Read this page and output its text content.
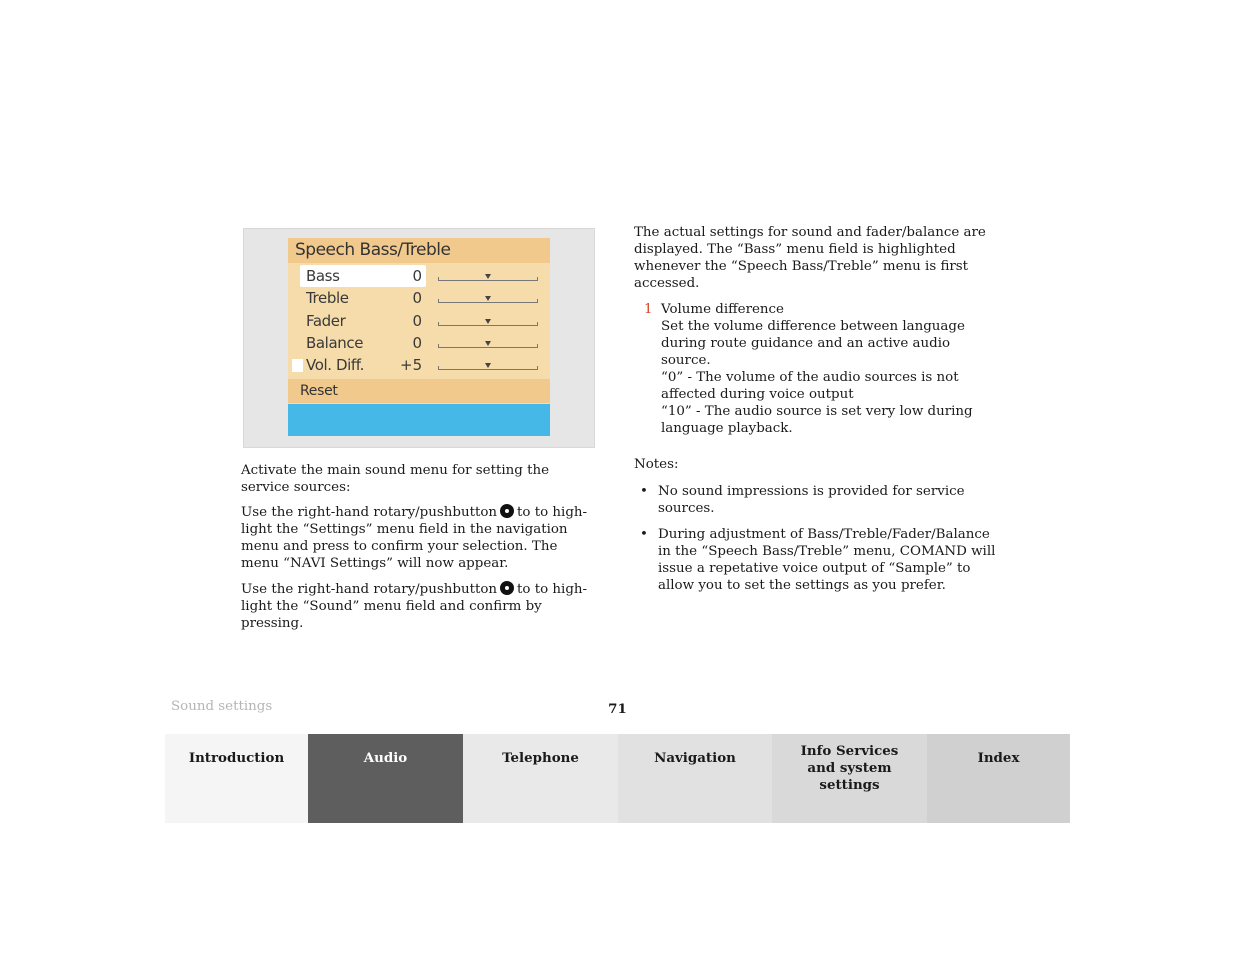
Speech Bass/Treble
Bass	0
Treble	0
Fader	0
Balance	0
Vol. Diff. +5
Reset

Activate the main sound menu for setting the service sources:

Use the right-hand rotary/pushbutton to to high-light the “Settings” menu field in the navigation menu and press to confirm your selection. The menu “NAVI Settings” will now appear.

Use the right-hand rotary/pushbutton to to high-light the “Sound” menu field and confirm by pressing.

The actual settings for sound and fader/balance are displayed. The “Bass” menu field is highlighted whenever the “Speech Bass/Treble” menu is first accessed.

1 Volume difference

Set the volume difference between language during route guidance and an active audio source.

“0” - The volume of the audio sources is not affected during voice output

“10” - The audio source is set very low during language playback.

Notes:

• No sound impressions is provided for service sources.

• During adjustment of Bass/Treble/Fader/Balance in the “Speech Bass/Treble” menu, COMAND will issue a repetative voice output of “Sample” to allow you to set the settings as you prefer.

Sound settings	71
Introduction	Audio	Telephone	Navigation	Info Services and system settings
Index
